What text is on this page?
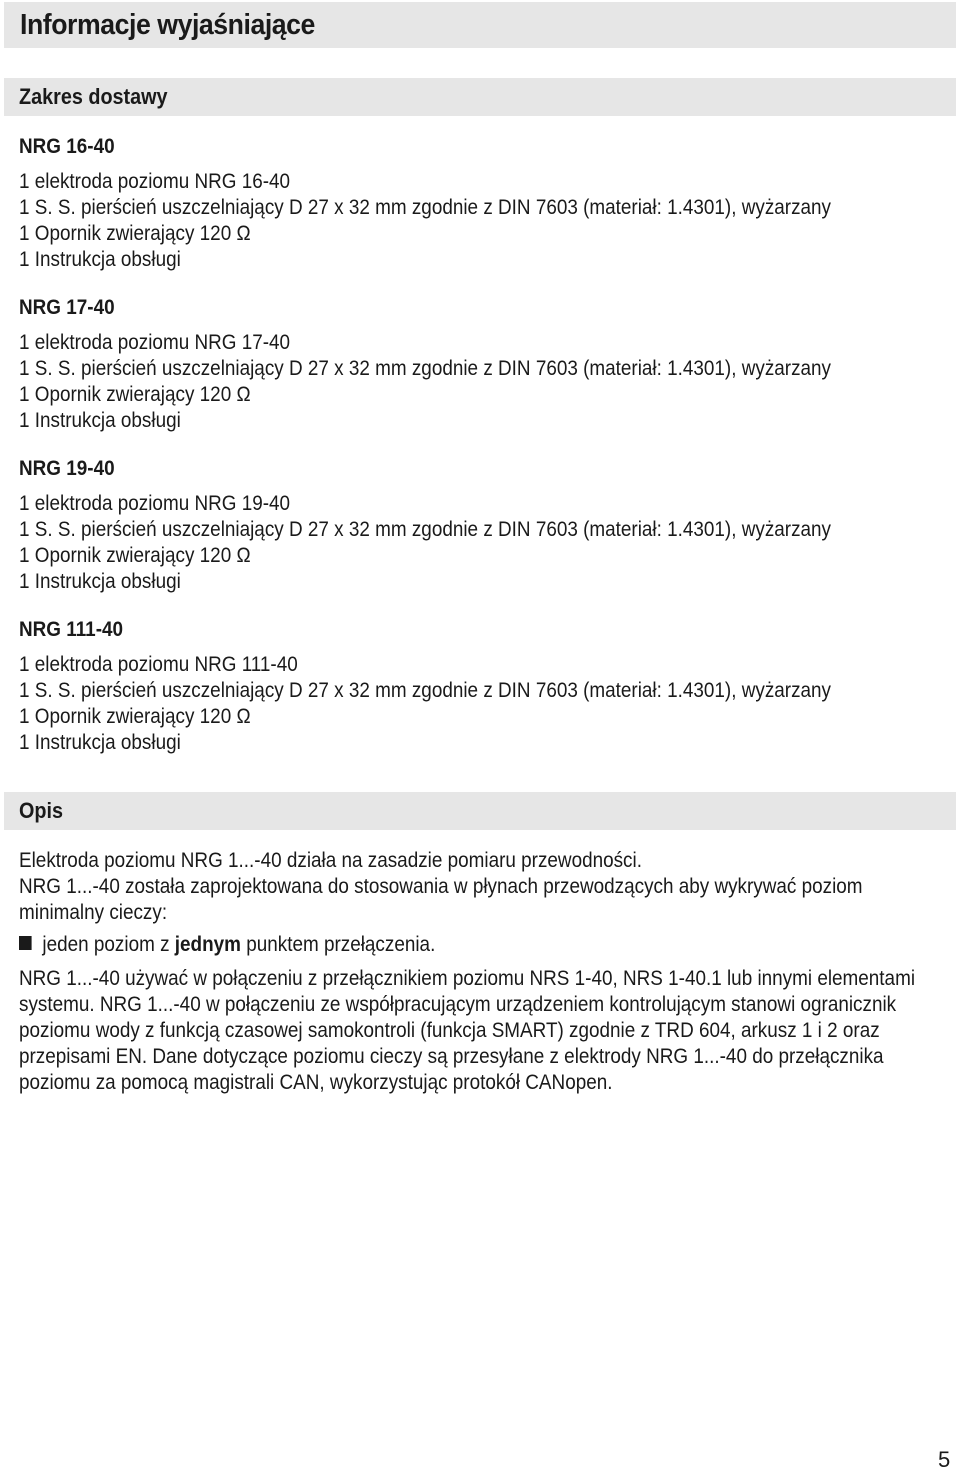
Informacje wyjaśniające
Zakres dostawy

NRG 16-40

1 elektroda poziomu NRG 16-40

1 S. S. pierścień uszczelniający D 27 x 32 mm zgodnie z DIN 7603 (materiał: 1.4301), wyżarzany

1 Opornik zwierający 120 Ω

1 Instrukcja obsługi

NRG 17-40

1 elektroda poziomu NRG 17-40

1 S. S. pierścień uszczelniający D 27 x 32 mm zgodnie z DIN 7603 (materiał: 1.4301), wyżarzany

1 Opornik zwierający 120 Ω

1 Instrukcja obsługi

NRG 19-40

1 elektroda poziomu NRG 19-40

1 S. S. pierścień uszczelniający D 27 x 32 mm zgodnie z DIN 7603 (materiał: 1.4301), wyżarzany

1 Opornik zwierający 120 Ω

1 Instrukcja obsługi

NRG 111-40

1 elektroda poziomu NRG 111-40

1 S. S. pierścień uszczelniający D 27 x 32 mm zgodnie z DIN 7603 (materiał: 1.4301), wyżarzany

1 Opornik zwierający 120 Ω

1 Instrukcja obsługi

Opis

Elektroda poziomu NRG 1...-40 działa na zasadzie pomiaru przewodności.

NRG 1...-40 została zaprojektowana do stosowania w płynach przewodzących aby wykrywać poziom minimalny cieczy:

jeden poziom z jednym punktem przełączenia.

NRG 1...-40 używać w połączeniu z przełącznikiem poziomu NRS 1-40, NRS 1-40.1 lub innymi elementami systemu. NRG 1...-40 w połączeniu ze współpracującym urządzeniem kontrolującym stanowi ogranicznik poziomu wody z funkcją czasowej samokontroli (funkcja SMART) zgodnie z TRD 604, arkusz 1 i 2 oraz przepisami EN. Dane dotyczące poziomu cieczy są przesyłane z elektrody NRG 1...-40 do przełącznika poziomu za pomocą magistrali CAN, wykorzystując protokół CANopen.

5
